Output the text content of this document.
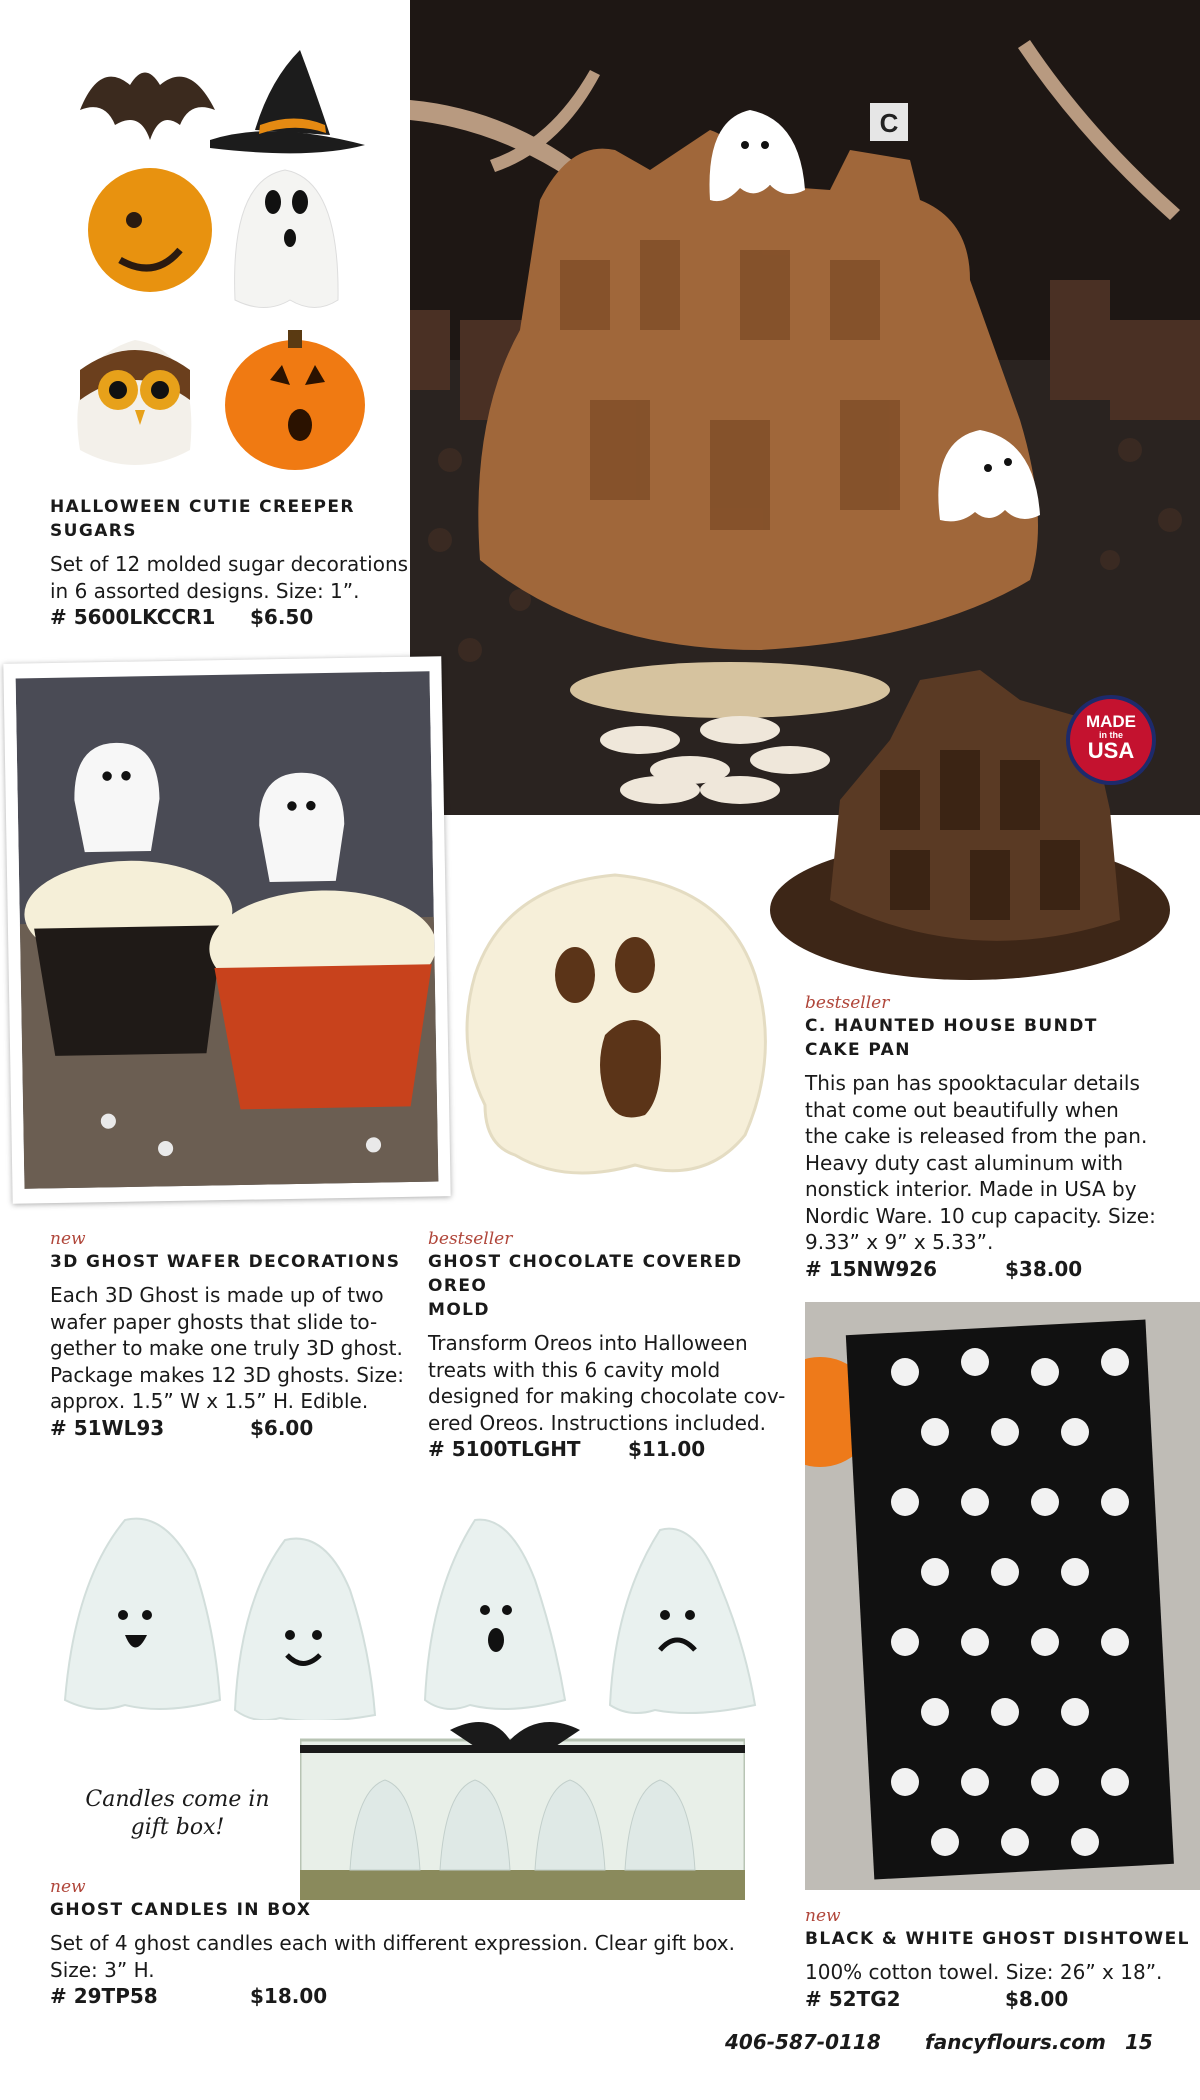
C
MADE
in the
USA
HALLOWEEN CUTIE CREEPER
SUGARS
Set of 12 molded sugar decorations
in 6 assorted designs. Size: 1”.
# 5600LKCCR1 $6.50
bestseller
C. HAUNTED HOUSE BUNDT
CAKE PAN
This pan has spooktacular details
that come out beautifully when
the cake is released from the pan.
Heavy duty cast aluminum with
nonstick interior. Made in USA by
Nordic Ware. 10 cup capacity. Size:
9.33” x 9” x 5.33”.
# 15NW926	$38.00
new
3D GHOST WAFER DECORATIONS
Each 3D Ghost is made up of two
wafer paper ghosts that slide to-
gether to make one truly 3D ghost.
Package makes 12 3D ghosts. Size:
approx. 1.5” W x 1.5” H. Edible.
# 51WL93	$6.00
bestseller
GHOST CHOCOLATE COVERED OREO
MOLD
Transform Oreos into Halloween
treats with this 6 cavity mold
designed for making chocolate cov-
ered Oreos. Instructions included.
# 5100TLGHT $11.00
Candles come in
gift box!
new
GHOST CANDLES IN BOX
Set of 4 ghost candles each with different expression. Clear gift box.
Size: 3” H.
# 29TP58	$18.00
new
BLACK & WHITE GHOST DISHTOWEL
100% cotton towel. Size: 26” x 18”.
# 52TG2	$8.00
406-587-0118 fancyflours.com 15
